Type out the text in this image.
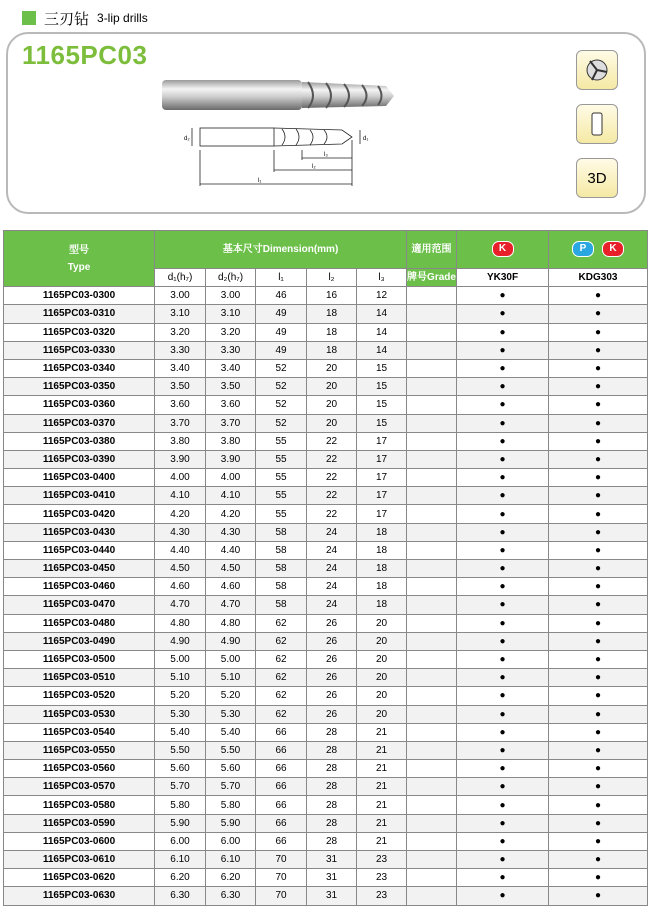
三刃钻 3-lip drills
1165PC03
l₁
l₂
l₃
d₂	d₁
3D
型号
Type	基本尺寸Dimension(mm)					適用范围	K	P K
	d₁(h₇)	d₂(h₇)	l₁	l₂	l₃	牌号Grade	YK30F	KDG303
1165PC03-0300	3.00	3.00	46	16	12		●	●
1165PC03-0310	3.10	3.10	49	18	14		●	●
1165PC03-0320	3.20	3.20	49	18	14		●	●
1165PC03-0330	3.30	3.30	49	18	14		●	●
1165PC03-0340	3.40	3.40	52	20	15		●	●
1165PC03-0350	3.50	3.50	52	20	15		●	●
1165PC03-0360	3.60	3.60	52	20	15		●	●
1165PC03-0370	3.70	3.70	52	20	15		●	●
1165PC03-0380	3.80	3.80	55	22	17		●	●
1165PC03-0390	3.90	3.90	55	22	17		●	●
1165PC03-0400	4.00	4.00	55	22	17		●	●
1165PC03-0410	4.10	4.10	55	22	17		●	●
1165PC03-0420	4.20	4.20	55	22	17		●	●
1165PC03-0430	4.30	4.30	58	24	18		●	●
1165PC03-0440	4.40	4.40	58	24	18		●	●
1165PC03-0450	4.50	4.50	58	24	18		●	●
1165PC03-0460	4.60	4.60	58	24	18		●	●
1165PC03-0470	4.70	4.70	58	24	18		●	●
1165PC03-0480	4.80	4.80	62	26	20		●	●
1165PC03-0490	4.90	4.90	62	26	20		●	●
1165PC03-0500	5.00	5.00	62	26	20		●	●
1165PC03-0510	5.10	5.10	62	26	20		●	●
1165PC03-0520	5.20	5.20	62	26	20		●	●
1165PC03-0530	5.30	5.30	62	26	20		●	●
1165PC03-0540	5.40	5.40	66	28	21		●	●
1165PC03-0550	5.50	5.50	66	28	21		●	●
1165PC03-0560	5.60	5.60	66	28	21		●	●
1165PC03-0570	5.70	5.70	66	28	21		●	●
1165PC03-0580	5.80	5.80	66	28	21		●	●
1165PC03-0590	5.90	5.90	66	28	21		●	●
1165PC03-0600	6.00	6.00	66	28	21		●	●
1165PC03-0610	6.10	6.10	70	31	23		●	●
1165PC03-0620	6.20	6.20	70	31	23		●	●
1165PC03-0630	6.30	6.30	70	31	23		●	●
